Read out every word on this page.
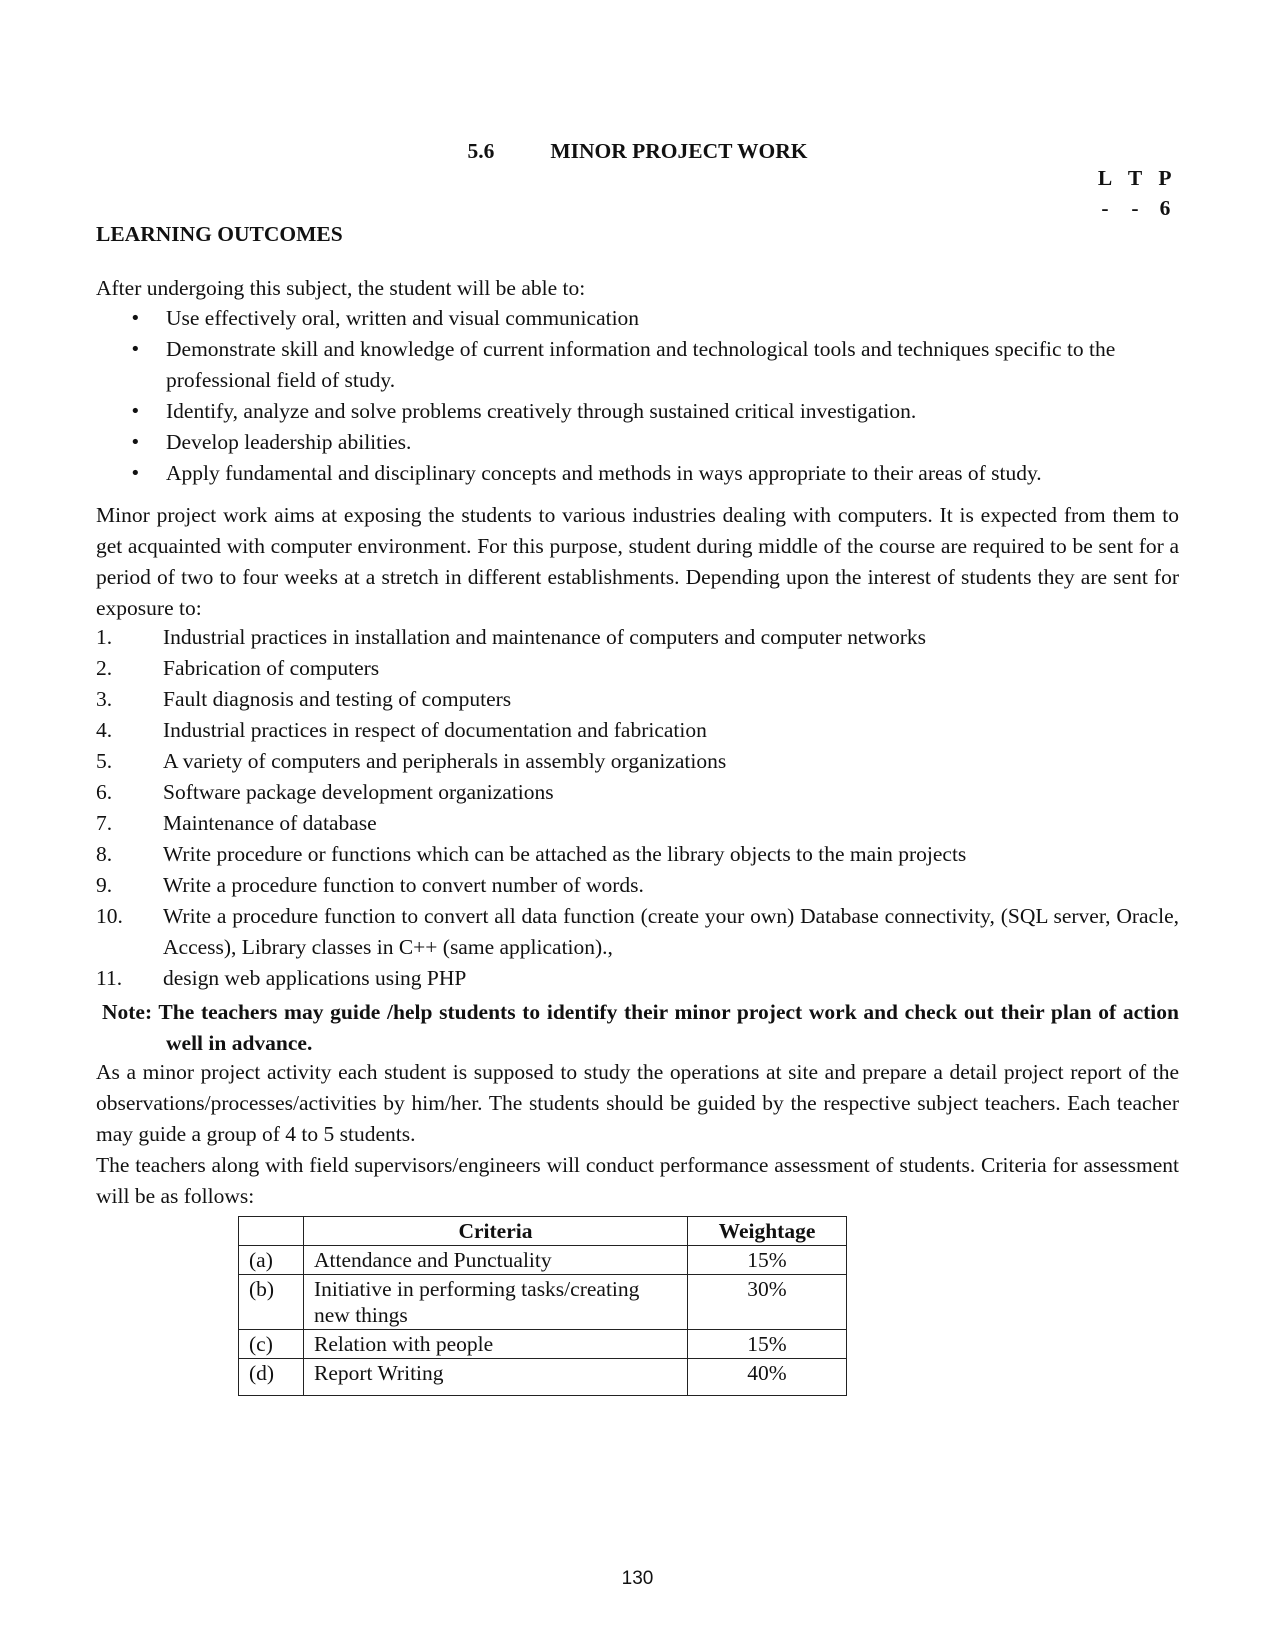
5.6	MINOR PROJECT WORK
L T P
- - 6
LEARNING OUTCOMES
After undergoing this subject, the student will be able to:
• Use effectively oral, written and visual communication
• Demonstrate skill and knowledge of current information and technological tools and techniques specific to the professional field of study.
• Identify, analyze and solve problems creatively through sustained critical investigation.
• Develop leadership abilities.
• Apply fundamental and disciplinary concepts and methods in ways appropriate to their areas of study.
Minor project work aims at exposing the students to various industries dealing with computers. It is expected from them to get acquainted with computer environment. For this purpose, student during middle of the course are required to be sent for a period of two to four weeks at a stretch in different establishments. Depending upon the interest of students they are sent for exposure to:
1. Industrial practices in installation and maintenance of computers and computer networks
2. Fabrication of computers
3. Fault diagnosis and testing of computers
4. Industrial practices in respect of documentation and fabrication
5. A variety of computers and peripherals in assembly organizations
6. Software package development organizations
7. Maintenance of database
8. Write procedure or functions which can be attached as the library objects to the main projects
9. Write a procedure function to convert number of words.
10. Write a procedure function to convert all data function (create your own) Database connectivity, (SQL server, Oracle, Access), Library classes in C++ (same application).,
11. design web applications using PHP
Note: The teachers may guide /help students to identify their minor project work and check out their plan of action well in advance.
As a minor project activity each student is supposed to study the operations at site and prepare a detail project report of the observations/processes/activities by him/her. The students should be guided by the respective subject teachers. Each teacher may guide a group of 4 to 5 students.
The teachers along with field supervisors/engineers will conduct performance assessment of students. Criteria for assessment will be as follows:
	Criteria	Weightage
(a)	Attendance and Punctuality	15%
(b)	Initiative in performing tasks/creating new things	30%
(c)	Relation with people	15%
(d)	Report Writing	40%
130
